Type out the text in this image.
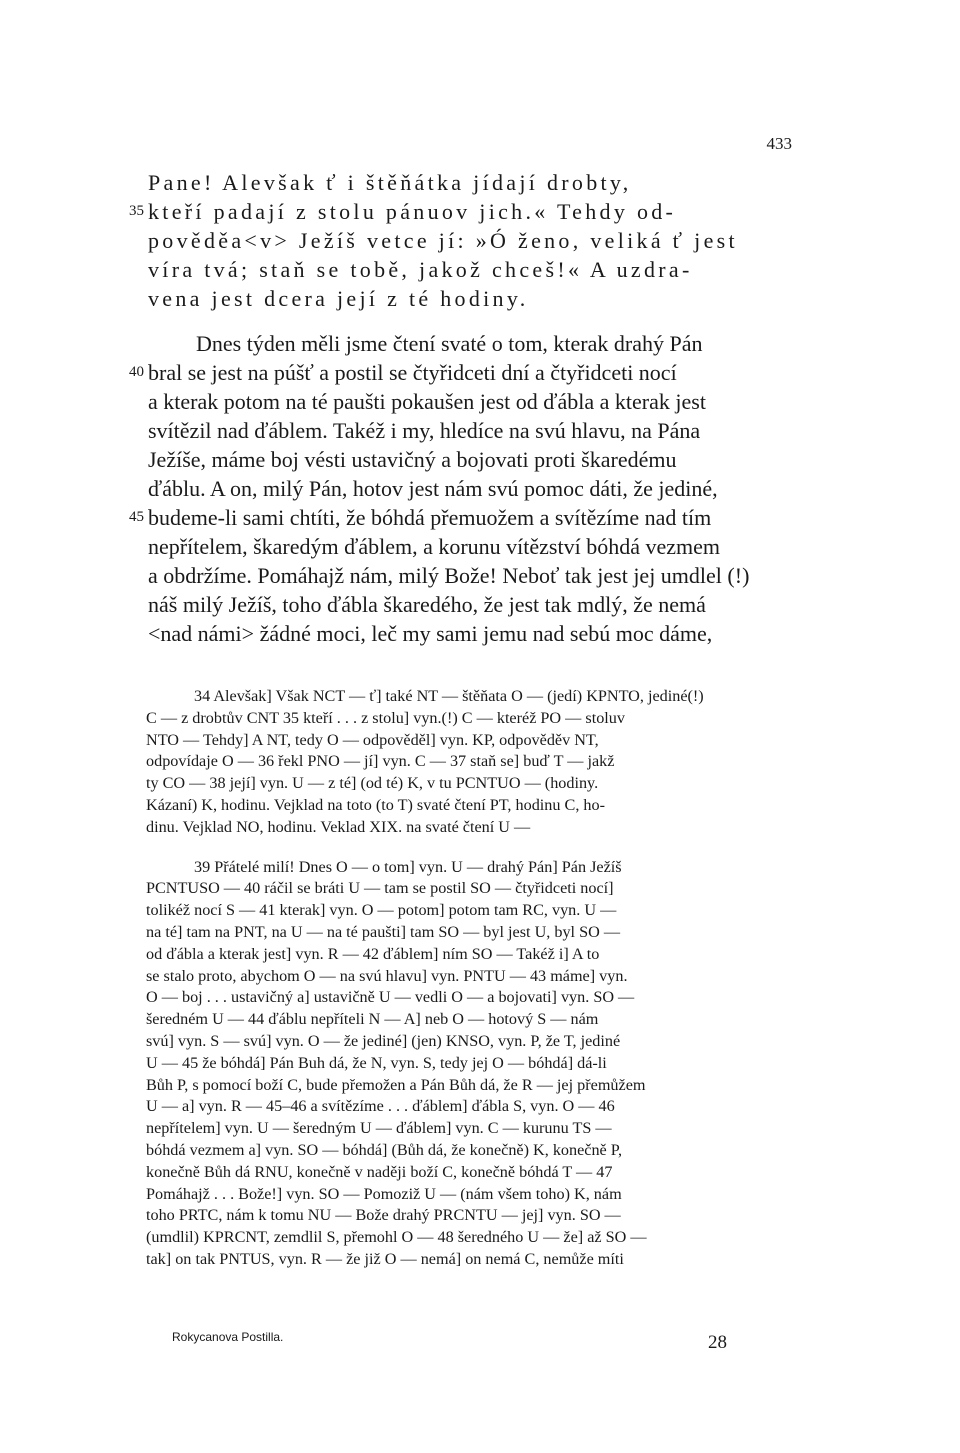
433
Pane! Alevšak ť i štěňátka jídají drobty,
35 kteří padají z stolu pánuov jich.« Tehdy od-
pověděa<v> Ježíš vetce jí: »Ó ženo, veliká ť jest
víra tvá; staň se tobě, jakož chceš!« A uzdra-
vena jest dcera její z té hodiny.
Dnes týden měli jsme čtení svaté o tom, kterak drahý Pán
40 bral se jest na púšť a postil se čtyřidceti dní a čtyřidceti nocí
a kterak potom na té paušti pokaušen jest od ďábla a kterak jest
svítězil nad ďáblem. Takéž i my, hledíce na svú hlavu, na Pána
Ježíše, máme boj vésti ustavičný a bojovati proti škaredému
ďáblu. A on, milý Pán, hotov jest nám svú pomoc dáti, že jediné,
45 budeme-li sami chtíti, že bóhdá přemuožem a svítězíme nad tím
nepřítelem, škaredým ďáblem, a korunu vítězství bóhdá vezmem
a obdržíme. Pomáhajž nám, milý Bože! Neboť tak jest jej umdlel (!)
náš milý Ježíš, toho ďábla škaredého, že jest tak mdlý, že nemá
<nad námi> žádné moci, leč my sami jemu nad sebú moc dáme,
34 Alevšak] Však NCT — ť] také NT — štěňata O — (jedí) KPNTO, jediné(!)
C — z drobtův CNT 35 kteří . . . z stolu] vyn.(!) C — kteréž PO — stoluv
NTO — Tehdy] A NT, tedy O — odpověděl] vyn. KP, odpověděv NT,
odpovídaje O — 36 řekl PNO — jí] vyn. C — 37 staň se] buď T — jakž
ty CO — 38 její] vyn. U — z té] (od té) K, v tu PCNTUO — (hodiny.
Kázaní) K, hodinu. Vejklad na toto (to T) svaté čtení PT, hodinu C, ho-
dinu. Vejklad NO, hodinu. Veklad XIX. na svaté čtení U —
39 Přátelé milí! Dnes O — o tom] vyn. U — drahý Pán] Pán Ježíš
PCNTUSO — 40 ráčil se bráti U — tam se postil SO — čtyřidceti nocí]
tolikéž nocí S — 41 kterak] vyn. O — potom] potom tam RC, vyn. U —
na té] tam na PNT, na U — na té paušti] tam SO — byl jest U, byl SO —
od ďábla a kterak jest] vyn. R — 42 ďáblem] ním SO — Takéž i] A to
se stalo proto, abychom O — na svú hlavu] vyn. PNTU — 43 máme] vyn.
O — boj . . . ustavičný a] ustavičně U — vedli O — a bojovati] vyn. SO —
šeredném U — 44 ďáblu nepříteli N — A] neb O — hotový S — nám
svú] vyn. S — svú] vyn. O — že jediné] (jen) KNSO, vyn. P, že T, jediné
U — 45 že bóhdá] Pán Buh dá, že N, vyn. S, tedy jej O — bóhdá] dá-li
Bůh P, s pomocí boží C, bude přemožen a Pán Bůh dá, že R — jej přemůžem
U — a] vyn. R — 45–46 a svítězíme . . . ďáblem] ďábla S, vyn. O — 46
nepřítelem] vyn. U — šeredným U — ďáblem] vyn. C — kurunu TS —
bóhdá vezmem a] vyn. SO — bóhdá] (Bůh dá, že konečně) K, konečně P,
konečně Bůh dá RNU, konečně v naději boží C, konečně bóhdá T — 47
Pomáhajž . . . Bože!] vyn. SO — Pomoziž U — (nám všem toho) K, nám
toho PRTC, nám k tomu NU — Bože drahý PRCNTU — jej] vyn. SO —
(umdlil) KPRCNT, zemdlil S, přemohl O — 48 šeredného U — že] až SO —
tak] on tak PNTUS, vyn. R — že již O — nemá] on nemá C, nemůže míti
Rokycanova Postilla.	28
